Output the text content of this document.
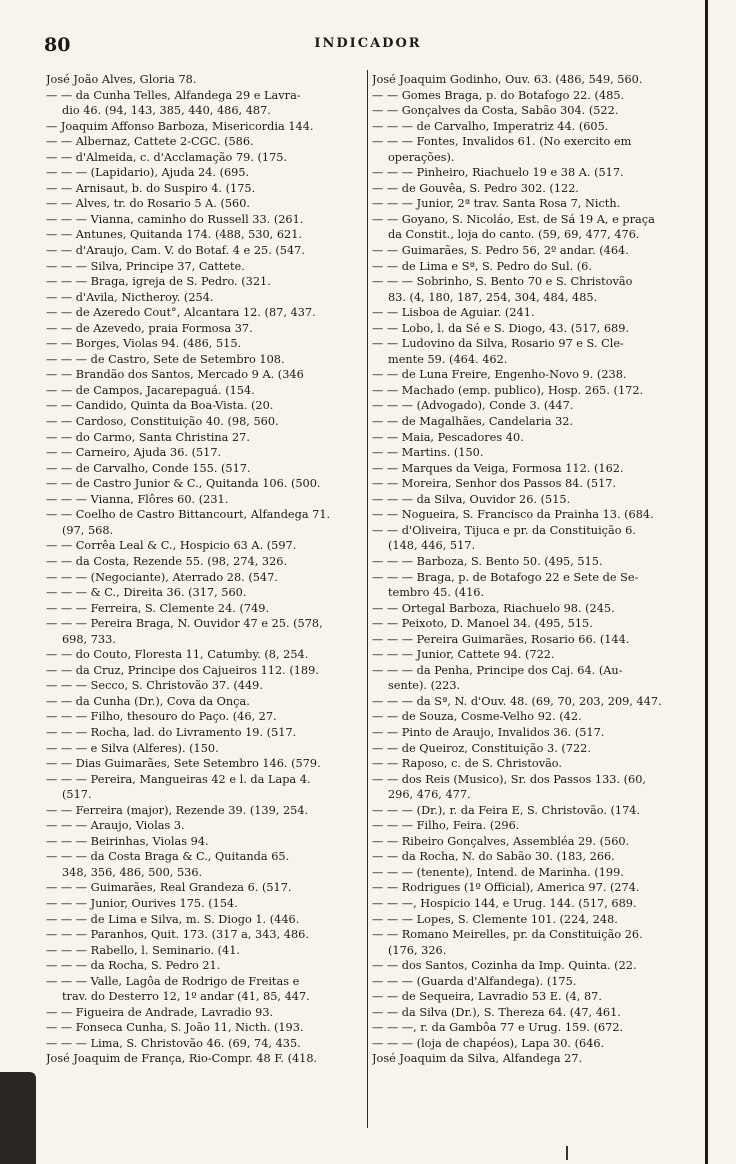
80	INDICADOR
José João Alves, Gloria 78.
— — da Cunha Telles, Alfandega 29 e Lavra-
dio 46. (94, 143, 385, 440, 486, 487.
— Joaquim Affonso Barboza, Misericordia 144.
— — Albernaz, Cattete 2-CGC. (586.
— — d'Almeida, c. d'Acclamação 79. (175.
— — — (Lapidario), Ajuda 24. (695.
— — Arnisaut, b. do Suspiro 4. (175.
— — Alves, tr. do Rosario 5 A. (560.
— — — Vianna, caminho do Russell 33. (261.
— — Antunes, Quitanda 174. (488, 530, 621.
— — d'Araujo, Cam. V. do Botaf. 4 e 25. (547.
— — — Silva, Principe 37, Cattete.
— — — Braga, igreja de S. Pedro. (321.
— — d'Avila, Nictheroy. (254.
— — de Azeredo Cout°, Alcantara 12. (87, 437.
— — de Azevedo, praia Formosa 37.
— — Borges, Violas 94. (486, 515.
— — — de Castro, Sete de Setembro 108.
— — Brandão dos Santos, Mercado 9 A. (346
— — de Campos, Jacarepaguá. (154.
— — Candido, Quinta da Boa-Vista. (20.
— — Cardoso, Constituição 40. (98, 560.
— — do Carmo, Santa Christina 27.
— — Carneiro, Ajuda 36. (517.
— — de Carvalho, Conde 155. (517.
— — de Castro Junior & C., Quitanda 106. (500.
— — — Vianna, Flôres 60. (231.
— — Coelho de Castro Bittancourt, Alfandega 71.
(97, 568.
— — Corrêa Leal & C., Hospicio 63 A. (597.
— — da Costa, Rezende 55. (98, 274, 326.
— — — (Negociante), Aterrado 28. (547.
— — — & C., Direita 36. (317, 560.
— — — Ferreira, S. Clemente 24. (749.
— — — Pereira Braga, N. Ouvidor 47 e 25. (578,
698, 733.
— — do Couto, Floresta 11, Catumby. (8, 254.
— — da Cruz, Principe dos Cajueiros 112. (189.
— — — Secco, S. Christovão 37. (449.
— — da Cunha (Dr.), Cova da Onça.
— — — Filho, thesouro do Paço. (46, 27.
— — — Rocha, lad. do Livramento 19. (517.
— — — e Silva (Alferes). (150.
— — Dias Guimarães, Sete Setembro 146. (579.
— — — Pereira, Mangueiras 42 e l. da Lapa 4.
(517.
— — Ferreira (major), Rezende 39. (139, 254.
— — — Araujo, Violas 3.
— — — Beirinhas, Violas 94.
— — — da Costa Braga & C., Quitanda 65.
348, 356, 486, 500, 536.
— — — Guimarães, Real Grandeza 6. (517.
— — — Junior, Ourives 175. (154.
— — — de Lima e Silva, m. S. Diogo 1. (446.
— — — Paranhos, Quit. 173. (317 a, 343, 486.
— — — Rabello, l. Seminario. (41.
— — — da Rocha, S. Pedro 21.
— — — Valle, Lagôa de Rodrigo de Freitas e
trav. do Desterro 12, 1º andar (41, 85, 447.
— — Figueira de Andrade, Lavradio 93.
— — Fonseca Cunha, S. João 11, Nicth. (193.
— — — Lima, S. Christovão 46. (69, 74, 435.
José Joaquim de França, Rio-Compr. 48 F. (418.
José Joaquim Godinho, Ouv. 63. (486, 549, 560.
— — Gomes Braga, p. do Botafogo 22. (485.
— — Gonçalves da Costa, Sabão 304. (522.
— — — de Carvalho, Imperatriz 44. (605.
— — — Fontes, Invalidos 61. (No exercito em
operações).
— — — Pinheiro, Riachuelo 19 e 38 A. (517.
— — de Gouvêa, S. Pedro 302. (122.
— — — Junior, 2ª trav. Santa Rosa 7, Nicth.
— — Goyano, S. Nicoláo, Est. de Sá 19 A, e praça
da Constit., loja do canto. (59, 69, 477, 476.
— — Guimarães, S. Pedro 56, 2º andar. (464.
— — de Lima e Sª, S. Pedro do Sul. (6.
— — — Sobrinho, S. Bento 70 e S. Christovão
83. (4, 180, 187, 254, 304, 484, 485.
— — Lisboa de Aguiar. (241.
— — Lobo, l. da Sé e S. Diogo, 43. (517, 689.
— — Ludovino da Silva, Rosario 97 e S. Cle-
mente 59. (464. 462.
— — de Luna Freire, Engenho-Novo 9. (238.
— — Machado (emp. publico), Hosp. 265. (172.
— — — (Advogado), Conde 3. (447.
— — de Magalhães, Candelaria 32.
— — Maia, Pescadores 40.
— — Martins. (150.
— — Marques da Veiga, Formosa 112. (162.
— — Moreira, Senhor dos Passos 84. (517.
— — — da Silva, Ouvidor 26. (515.
— — Nogueira, S. Francisco da Prainha 13. (684.
— — d'Oliveira, Tijuca e pr. da Constituição 6.
(148, 446, 517.
— — — Barboza, S. Bento 50. (495, 515.
— — — Braga, p. de Botafogo 22 e Sete de Se-
tembro 45. (416.
— — Ortegal Barboza, Riachuelo 98. (245.
— — Peixoto, D. Manoel 34. (495, 515.
— — — Pereira Guimarães, Rosario 66. (144.
— — — Junior, Cattete 94. (722.
— — — da Penha, Principe dos Caj. 64. (Au-
sente). (223.
— — — da Sª, N. d'Ouv. 48. (69, 70, 203, 209, 447.
— — de Souza, Cosme-Velho 92. (42.
— — Pinto de Araujo, Invalidos 36. (517.
— — de Queiroz, Constituição 3. (722.
— — Raposo, c. de S. Christovão.
— — dos Reis (Musico), Sr. dos Passos 133. (60,
296, 476, 477.
— — — (Dr.), r. da Feira E, S. Christovão. (174.
— — — Filho, Feira. (296.
— — Ribeiro Gonçalves, Assembléa 29. (560.
— — da Rocha, N. do Sabão 30. (183, 266.
— — — (tenente), Intend. de Marinha. (199.
— — Rodrigues (1º Official), America 97. (274.
— — —, Hospicio 144, e Urug. 144. (517, 689.
— — — Lopes, S. Clemente 101. (224, 248.
— — Romano Meirelles, pr. da Constituição 26.
(176, 326.
— — dos Santos, Cozinha da Imp. Quinta. (22.
— — — (Guarda d'Alfandega). (175.
— — de Sequeira, Lavradio 53 E. (4, 87.
— — da Silva (Dr.), S. Thereza 64. (47, 461.
— — —, r. da Gambôa 77 e Urug. 159. (672.
— — — (loja de chapéos), Lapa 30. (646.
José Joaquim da Silva, Alfandega 27.
